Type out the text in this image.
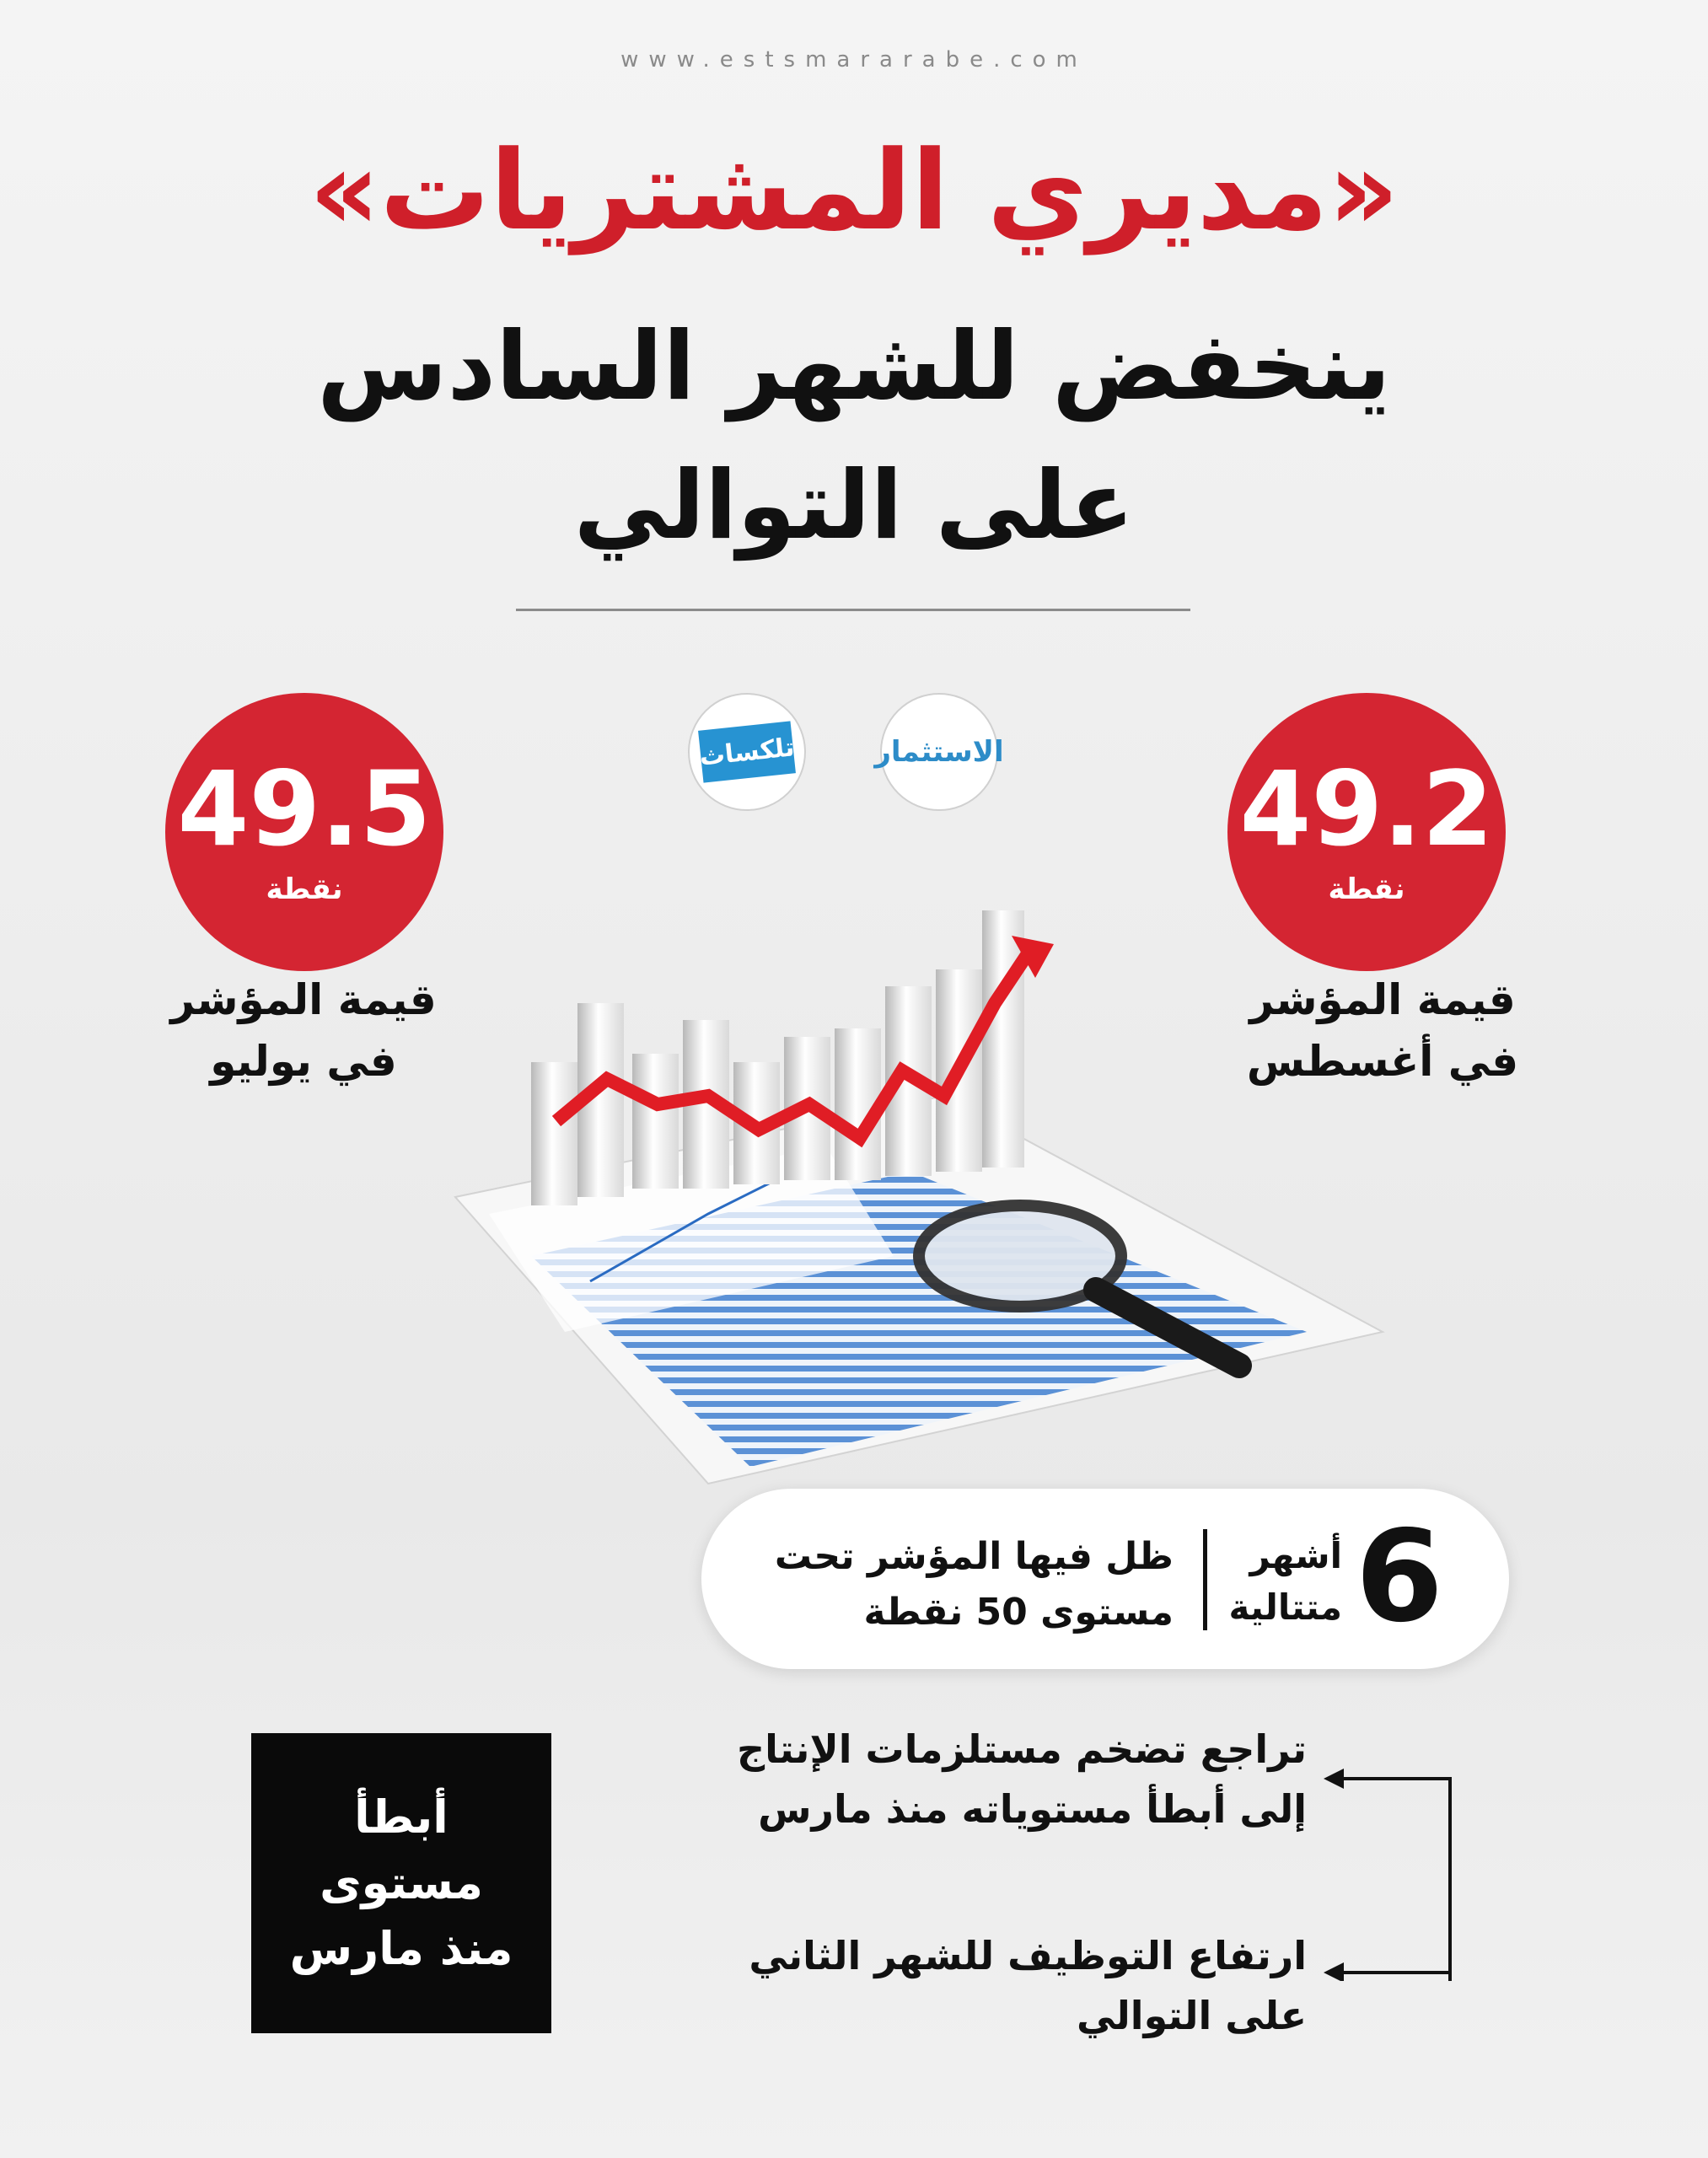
www.estsmararabe.com
«مديري المشتريات»
ينخفض للشهر السادس
على التوالي
الاستثمار
تلكساث
49.5
نقطة
49.2
نقطة
قيمة المؤشر
في يوليو
قيمة المؤشر
في أغسطس
6
أشهر
متتالية
ظل فيها المؤشر تحت
مستوى 50 نقطة
أبطأ
مستوى
منذ مارس
تراجع تضخم مستلزمات الإنتاج
إلى أبطأ مستوياته منذ مارس
ارتفاع التوظيف للشهر الثاني
على التوالي
